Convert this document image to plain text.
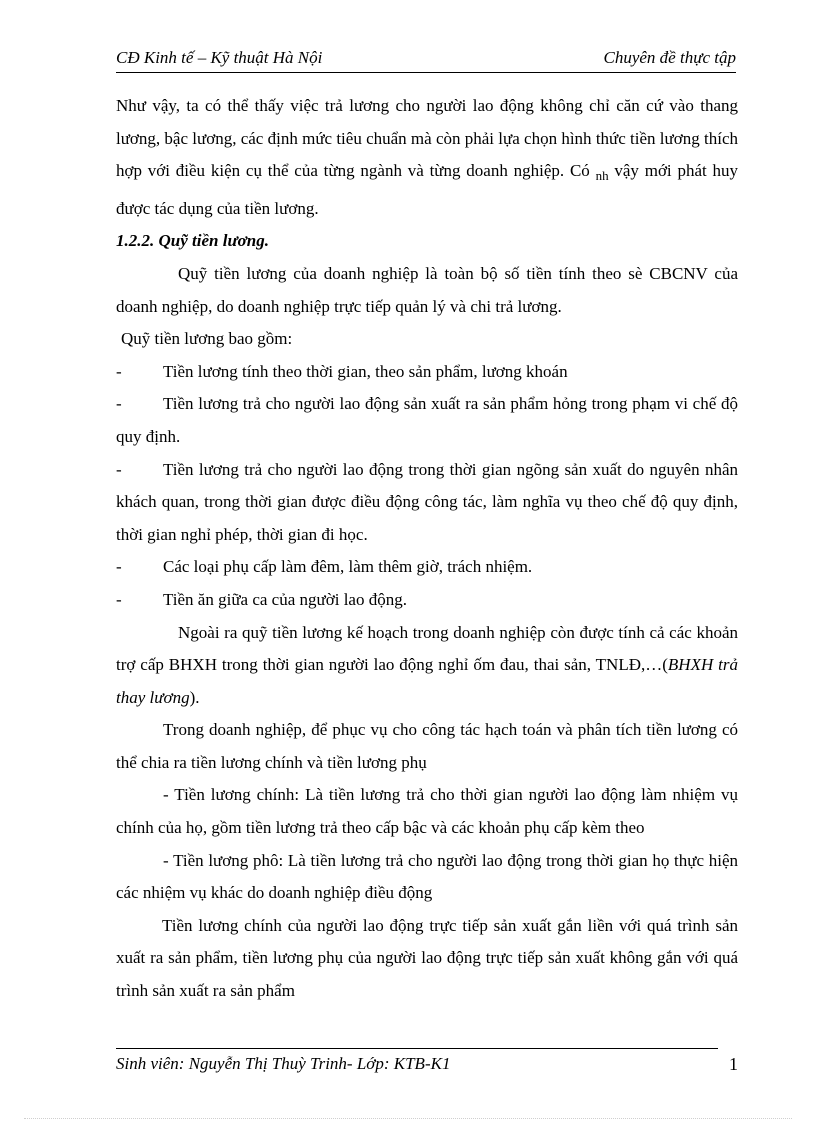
CĐ Kinh tế – Kỹ thuật Hà Nội	Chuyên đề thực tập

Như vậy, ta có thể thấy việc trả lương cho người lao động không chỉ căn cứ vào thang lương, bậc lương, các định mức tiêu chuẩn mà còn phải lựa chọn hình thức tiền lương thích hợp với điều kiện cụ thể của từng ngành và từng doanh nghiệp. Có $_{nh}$ vậy mới phát huy được tác dụng của tiền lương.

1.2.2. Quỹ tiền lương.

Quỹ tiền lương của doanh nghiệp là toàn bộ số tiền tính theo sè CBCNV của doanh nghiệp, do doanh nghiệp trực tiếp quản lý và chi trả lương.

Quỹ tiền lương bao gồm:

-	Tiền lương tính theo thời gian, theo sản phẩm, lương khoán

- Tiền lương trả cho người lao động sản xuất ra sản phẩm hỏng trong phạm vi chế độ quy định.

- Tiền lương trả cho người lao động trong thời gian ngõng sản xuất do nguyên nhân khách quan, trong thời gian được điều động công tác, làm nghĩa vụ theo chế độ quy định, thời gian nghỉ phép, thời gian đi học.

-	Các loại phụ cấp làm đêm, làm thêm giờ, trách nhiệm.
-	Tiền ăn giữa ca của người lao động.

Ngoài ra quỹ tiền lương kế hoạch trong doanh nghiệp còn được tính cả các khoản trợ cấp BHXH trong thời gian người lao động nghỉ ốm đau, thai sản, TNLĐ,…(BHXH trả thay lương).

Trong doanh nghiệp, để phục vụ cho công tác hạch toán và phân tích tiền lương có thể chia ra tiền lương chính và tiền lương phụ

- Tiền lương chính: Là tiền lương trả cho thời gian người lao động làm nhiệm vụ chính của họ, gồm tiền lương trả theo cấp bậc và các khoản phụ cấp kèm theo

- Tiền lương phô: Là tiền lương trả cho người lao động trong thời gian họ thực hiện các nhiệm vụ khác do doanh nghiệp điều động

Tiền lương chính của người lao động trực tiếp sản xuất gắn liền với quá trình sản xuất ra sản phẩm, tiền lương phụ của người lao động trực tiếp sản xuất không gắn với quá trình sản xuất ra sản phẩm

Sinh viên: Nguyễn Thị Thuỳ Trinh- Lớp: KTB-K1	1
